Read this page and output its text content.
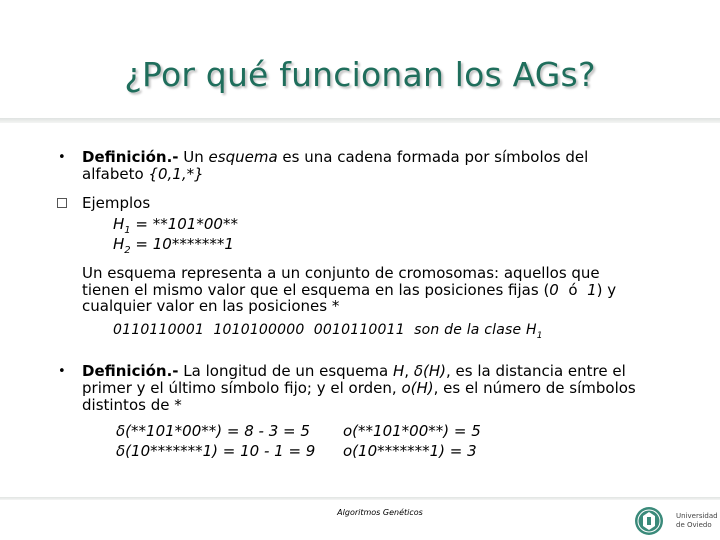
¿Por qué funcionan los AGs?
• Definición.- Un esquema es una cadena formada por símbolos del
alfabeto {0,1,*}
Ejemplos
$H_1 = **101*00**$
$H_2 = 10*******1$
Un esquema representa a un conjunto de cromosomas: aquellos que
tienen el mismo valor que el esquema en las posiciones fijas (0  ó  1) y
cualquier valor en las posiciones *
0110110001 1010100000 0010110011 son de la clase $H_1$
• Definición.- La longitud de un esquema H, δ(H), es la distancia entre el
primer y el último símbolo fijo; y el orden, o(H), es el número de símbolos
distintos de *
δ(**101*00**) = 8 - 3 = 5 o(**101*00**) = 5
δ(10*******1) = 10 - 1 = 9 o(10*******1) = 3
Algoritmos Genéticos	Universidad
de Oviedo
